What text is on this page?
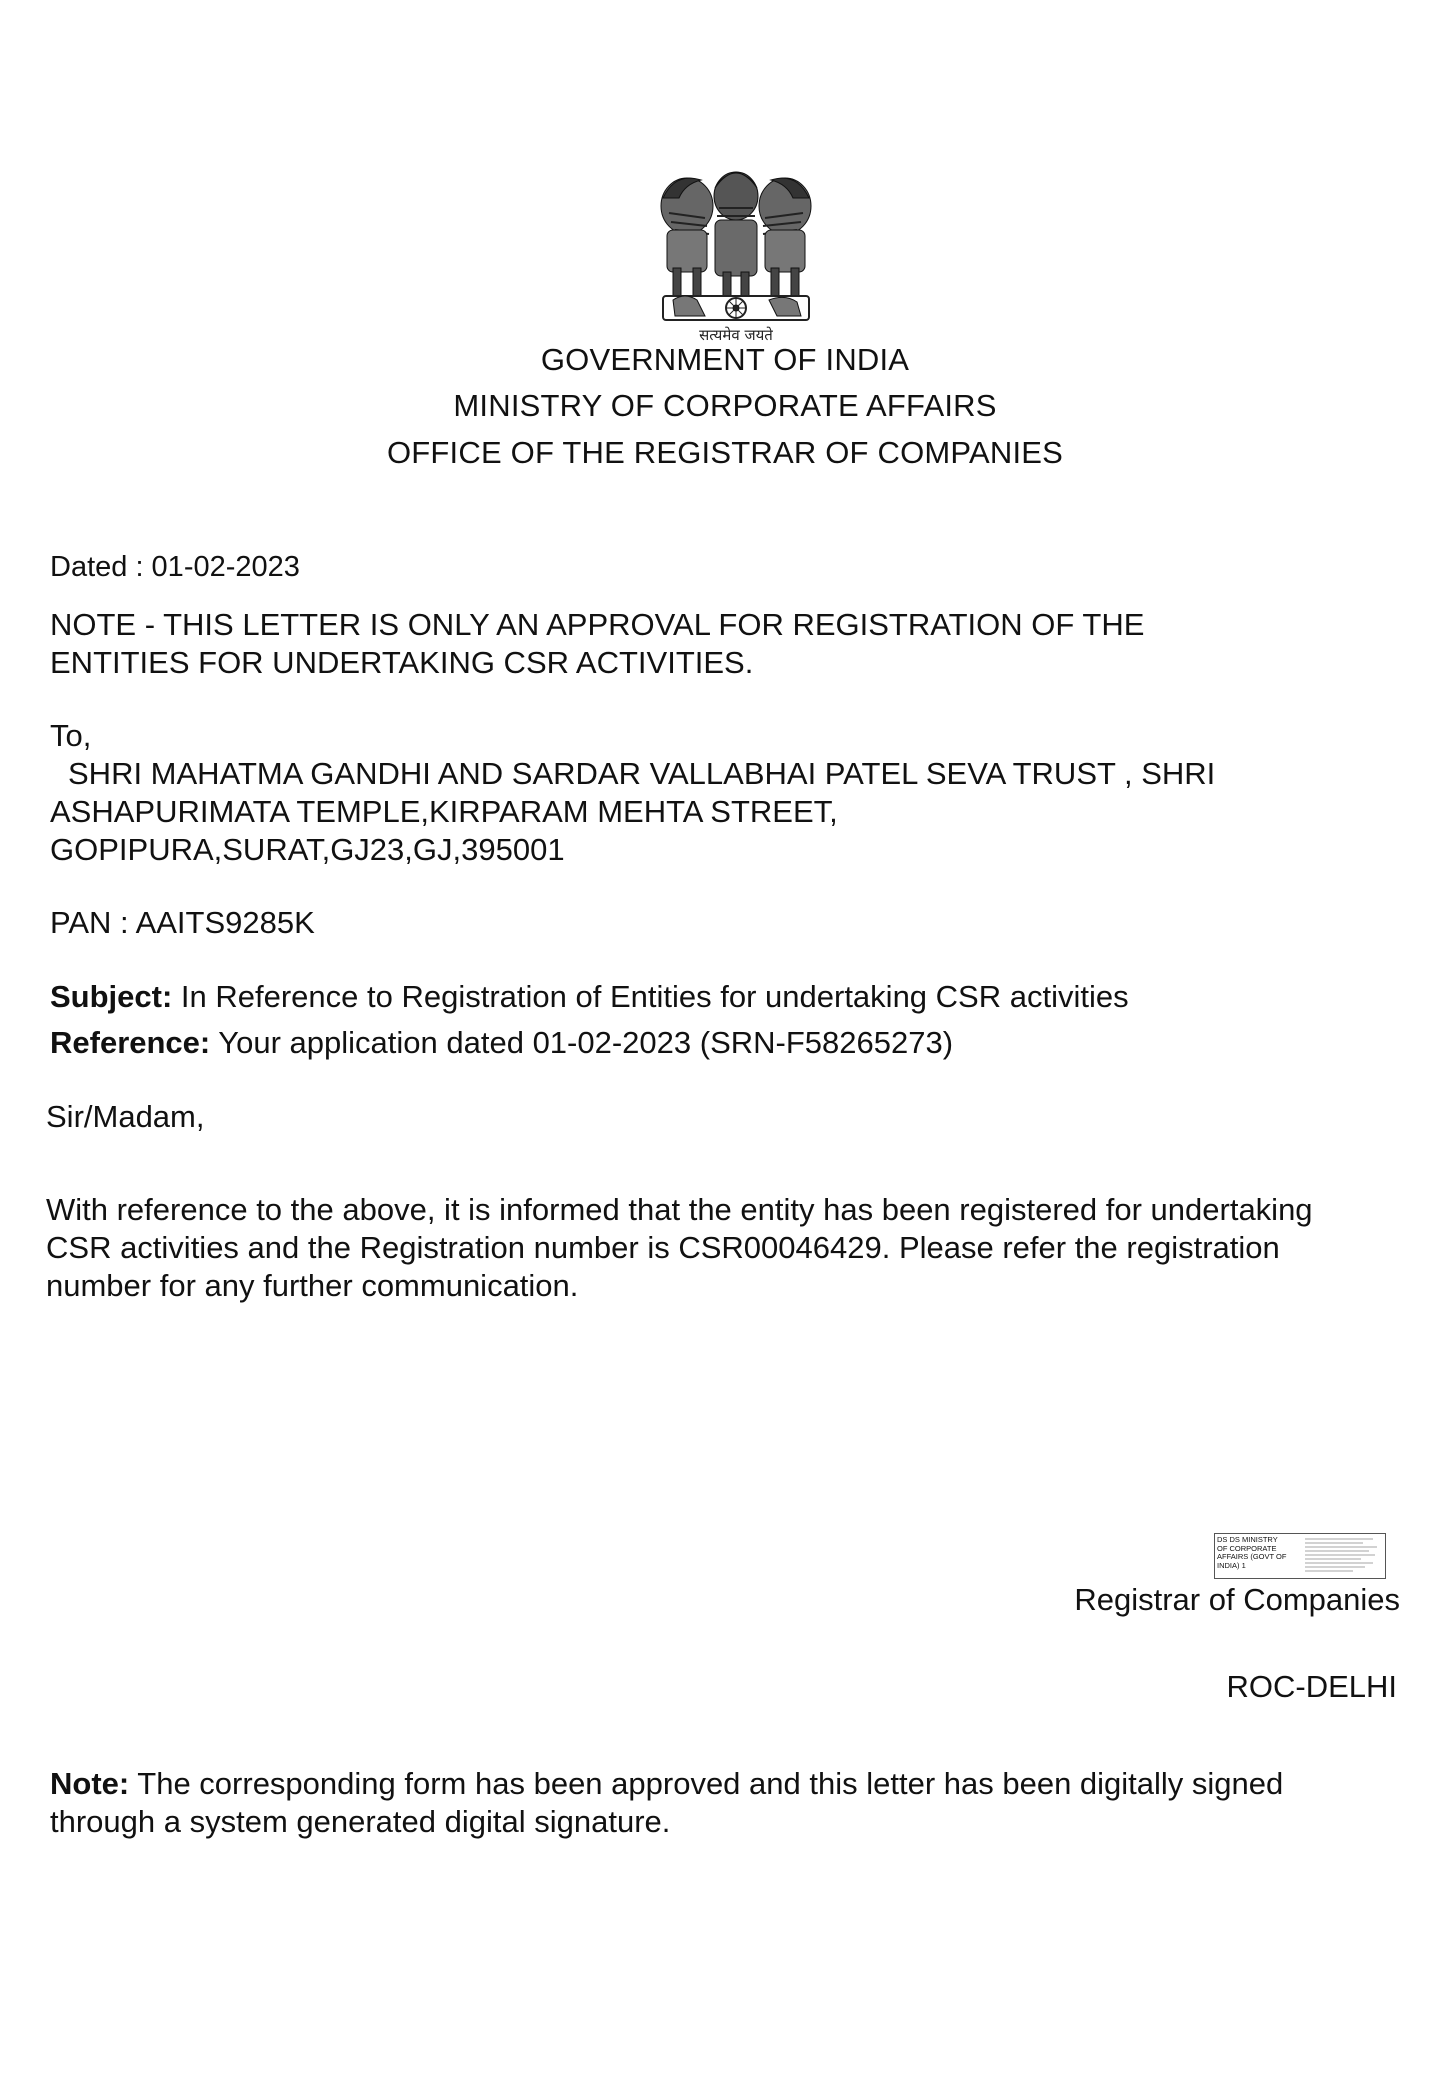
सत्यमेव जयते
GOVERNMENT OF INDIA
MINISTRY OF CORPORATE AFFAIRS
OFFICE OF THE REGISTRAR OF COMPANIES
Dated : 01-02-2023
NOTE - THIS LETTER IS ONLY AN APPROVAL FOR REGISTRATION OF THE
ENTITIES FOR UNDERTAKING CSR ACTIVITIES.
To,
SHRI MAHATMA GANDHI AND SARDAR VALLABHAI PATEL SEVA TRUST , SHRI
ASHAPURIMATA TEMPLE,KIRPARAM MEHTA STREET,
GOPIPURA,SURAT,GJ23,GJ,395001
PAN : AAITS9285K
Subject: In Reference to Registration of Entities for undertaking CSR activities
Reference: Your application dated 01-02-2023 (SRN-F58265273)
Sir/Madam,
With reference to the above, it is informed that the entity has been registered for undertaking
CSR activities and the Registration number is CSR00046429. Please refer the registration
number for any further communication.
DS DS MINISTRY
OF CORPORATE
AFFAIRS (GOVT OF
INDIA) 1
Registrar of Companies
ROC-DELHI
Note: The corresponding form has been approved and this letter has been digitally signed
through a system generated digital signature.
